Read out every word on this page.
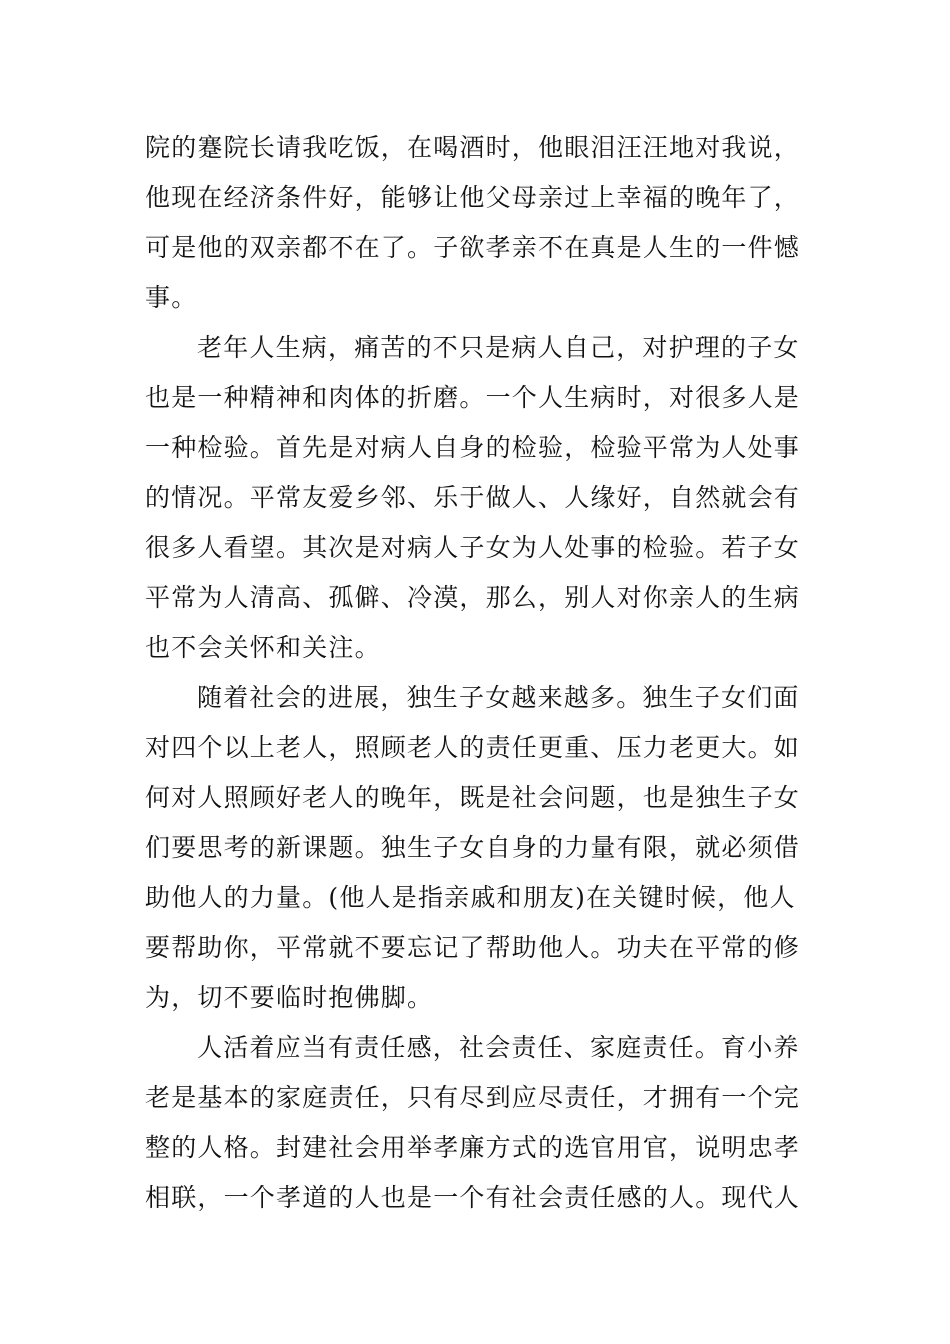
院的蹇院长请我吃饭，在喝酒时，他眼泪汪汪地对我说，
他现在经济条件好，能够让他父母亲过上幸福的晚年了，
可是他的双亲都不在了。子欲孝亲不在真是人生的一件憾
事。
老年人生病，痛苦的不只是病人自己，对护理的子女
也是一种精神和肉体的折磨。一个人生病时，对很多人是
一种检验。首先是对病人自身的检验，检验平常为人处事
的情况。平常友爱乡邻、乐于做人、人缘好，自然就会有
很多人看望。其次是对病人子女为人处事的检验。若子女
平常为人清高、孤僻、冷漠，那么，别人对你亲人的生病
也不会关怀和关注。
随着社会的进展，独生子女越来越多。独生子女们面
对四个以上老人，照顾老人的责任更重、压力老更大。如
何对人照顾好老人的晚年，既是社会问题，也是独生子女
们要思考的新课题。独生子女自身的力量有限，就必须借
助他人的力量。(他人是指亲戚和朋友)在关键时候，他人
要帮助你，平常就不要忘记了帮助他人。功夫在平常的修
为，切不要临时抱佛脚。
人活着应当有责任感，社会责任、家庭责任。育小养
老是基本的家庭责任，只有尽到应尽责任，才拥有一个完
整的人格。封建社会用举孝廉方式的选官用官，说明忠孝
相联，一个孝道的人也是一个有社会责任感的人。现代人
